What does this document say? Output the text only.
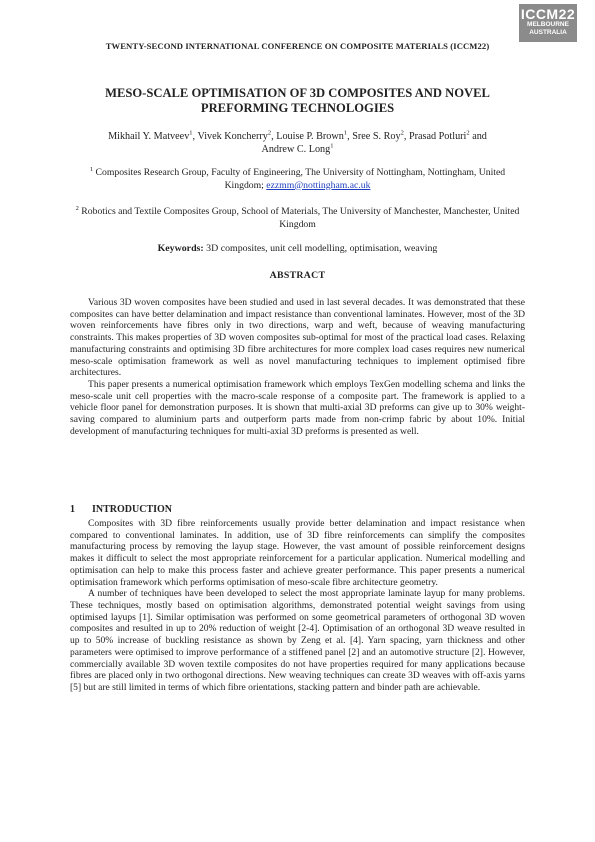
ICCM22
MELBOURNE
AUSTRALIA
TWENTY-SECOND INTERNATIONAL CONFERENCE ON COMPOSITE MATERIALS (ICCM22)
MESO-SCALE OPTIMISATION OF 3D COMPOSITES AND NOVEL PREFORMING TECHNOLOGIES
Mikhail Y. Matveev$^1$, Vivek Koncherry$^2$, Louise P. Brown$^1$, Sree S. Roy$^2$, Prasad Potluri$^2$ and
Andrew C. Long$^1$
$^1$ Composites Research Group, Faculty of Engineering, The University of Nottingham, Nottingham, United Kingdom; ezzmm@nottingham.ac.uk
$^2$ Robotics and Textile Composites Group, School of Materials, The University of Manchester, Manchester, United Kingdom
Keywords: 3D composites, unit cell modelling, optimisation, weaving
ABSTRACT

Various 3D woven composites have been studied and used in last several decades. It was demonstrated that these composites can have better delamination and impact resistance than conventional laminates. However, most of the 3D woven reinforcements have fibres only in two directions, warp and weft, because of weaving manufacturing constraints. This makes properties of 3D woven composites sub-optimal for most of the practical load cases. Relaxing manufacturing constraints and optimising 3D fibre architectures for more complex load cases requires new numerical meso-scale optimisation framework as well as novel manufacturing techniques to implement optimised fibre architectures.

This paper presents a numerical optimisation framework which employs TexGen modelling schema and links the meso-scale unit cell properties with the macro-scale response of a composite part. The framework is applied to a vehicle floor panel for demonstration purposes. It is shown that multi-axial 3D preforms can give up to 30% weight-saving compared to aluminium parts and outperform parts made from non-crimp fabric by about 10%. Initial development of manufacturing techniques for multi-axial 3D preforms is presented as well.

1 INTRODUCTION

Composites with 3D fibre reinforcements usually provide better delamination and impact resistance when compared to conventional laminates. In addition, use of 3D fibre reinforcements can simplify the composites manufacturing process by removing the layup stage. However, the vast amount of possible reinforcement designs makes it difficult to select the most appropriate reinforcement for a particular application. Numerical modelling and optimisation can help to make this process faster and achieve greater performance. This paper presents a numerical optimisation framework which performs optimisation of meso-scale fibre architecture geometry.

A number of techniques have been developed to select the most appropriate laminate layup for many problems. These techniques, mostly based on optimisation algorithms, demonstrated potential weight savings from using optimised layups [1]. Similar optimisation was performed on some geometrical parameters of orthogonal 3D woven composites and resulted in up to 20% reduction of weight [2-4]. Optimisation of an orthogonal 3D weave resulted in up to 50% increase of buckling resistance as shown by Zeng et al. [4]. Yarn spacing, yarn thickness and other parameters were optimised to improve performance of a stiffened panel [2] and an automotive structure [2]. However, commercially available 3D woven textile composites do not have properties required for many applications because fibres are placed only in two orthogonal directions. New weaving techniques can create 3D weaves with off-axis yarns [5] but are still limited in terms of which fibre orientations, stacking pattern and binder path are achievable.
